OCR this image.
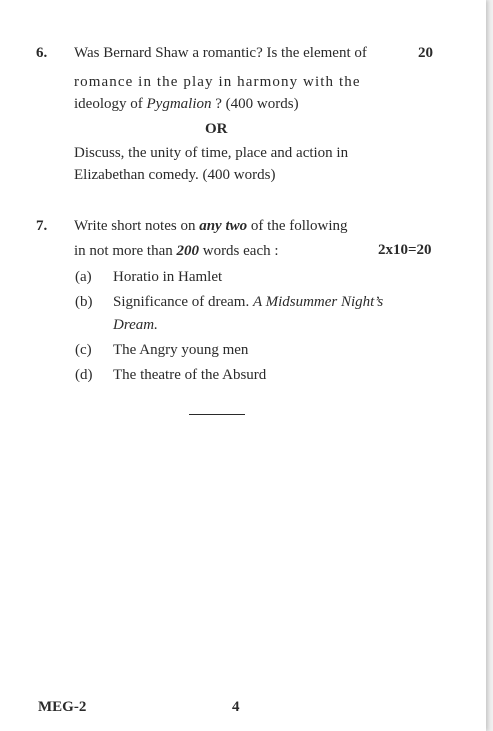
6. Was Bernard Shaw a romantic? Is the element of	20
romance in the play in harmony with the
ideology of Pygmalion ? (400 words)
OR
Discuss, the unity of time, place and action in
Elizabethan comedy. (400 words)
7. Write short notes on any two of the following
in not more than 200 words each :	2x10=20
(a) Horatio in Hamlet
(b) Significance of dream. A Midsummer Night’s
Dream.
(c) The Angry young men
(d) The theatre of the Absurd
MEG-2	4
